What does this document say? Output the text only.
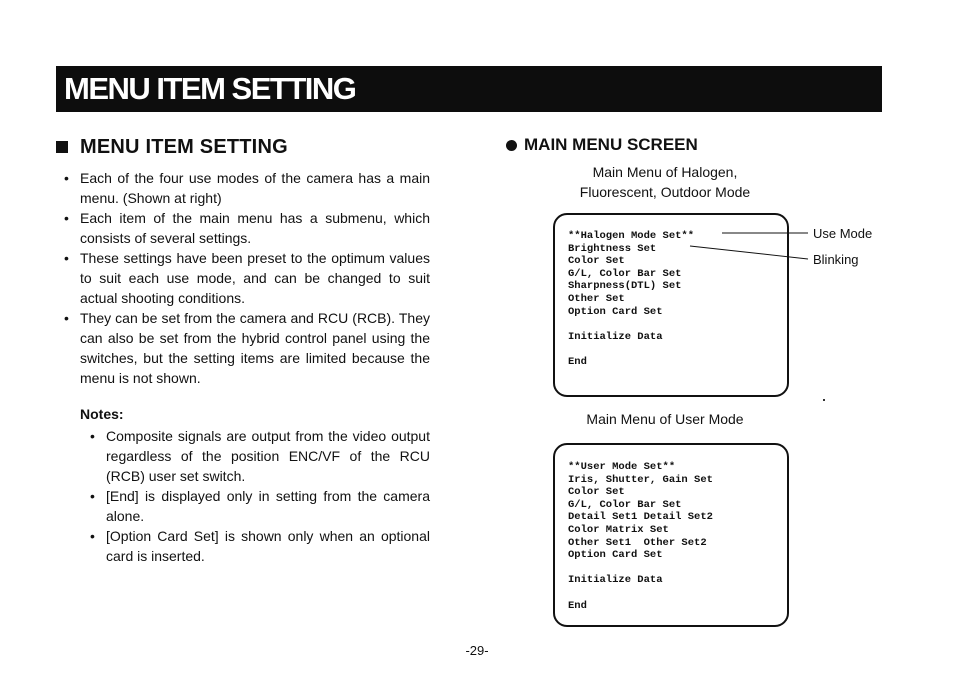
MENU ITEM SETTING
MENU ITEM SETTING
• Each of the four use modes of the camera has a main menu. (Shown at right)
• Each item of the main menu has a submenu, which consists of several settings.
• These settings have been preset to the optimum values to suit each use mode, and can be changed to suit actual shooting conditions.
• They can be set from the camera and RCU (RCB). They can also be set from the hybrid control panel using the switches, but the setting items are limited because the menu is not shown.
Notes:
• Composite signals are output from the video output regardless of the position ENC/VF of the RCU (RCB) user set switch.
• [End] is displayed only in setting from the camera alone.
• [Option Card Set] is shown only when an optional card is inserted.
MAIN MENU SCREEN
Main Menu of Halogen,
Fluorescent, Outdoor Mode
**Halogen Mode Set**
Brightness Set
Color Set
G/L, Color Bar Set
Sharpness(DTL) Set
Other Set
Option Card Set
Initialize Data
End
Use Mode
Blinking
Main Menu of User Mode
**User Mode Set**
Iris, Shutter, Gain Set
Color Set
G/L, Color Bar Set
Detail Set1 Detail Set2
Color Matrix Set
Other Set1  Other Set2
Option Card Set
Initialize Data
End
-29-
